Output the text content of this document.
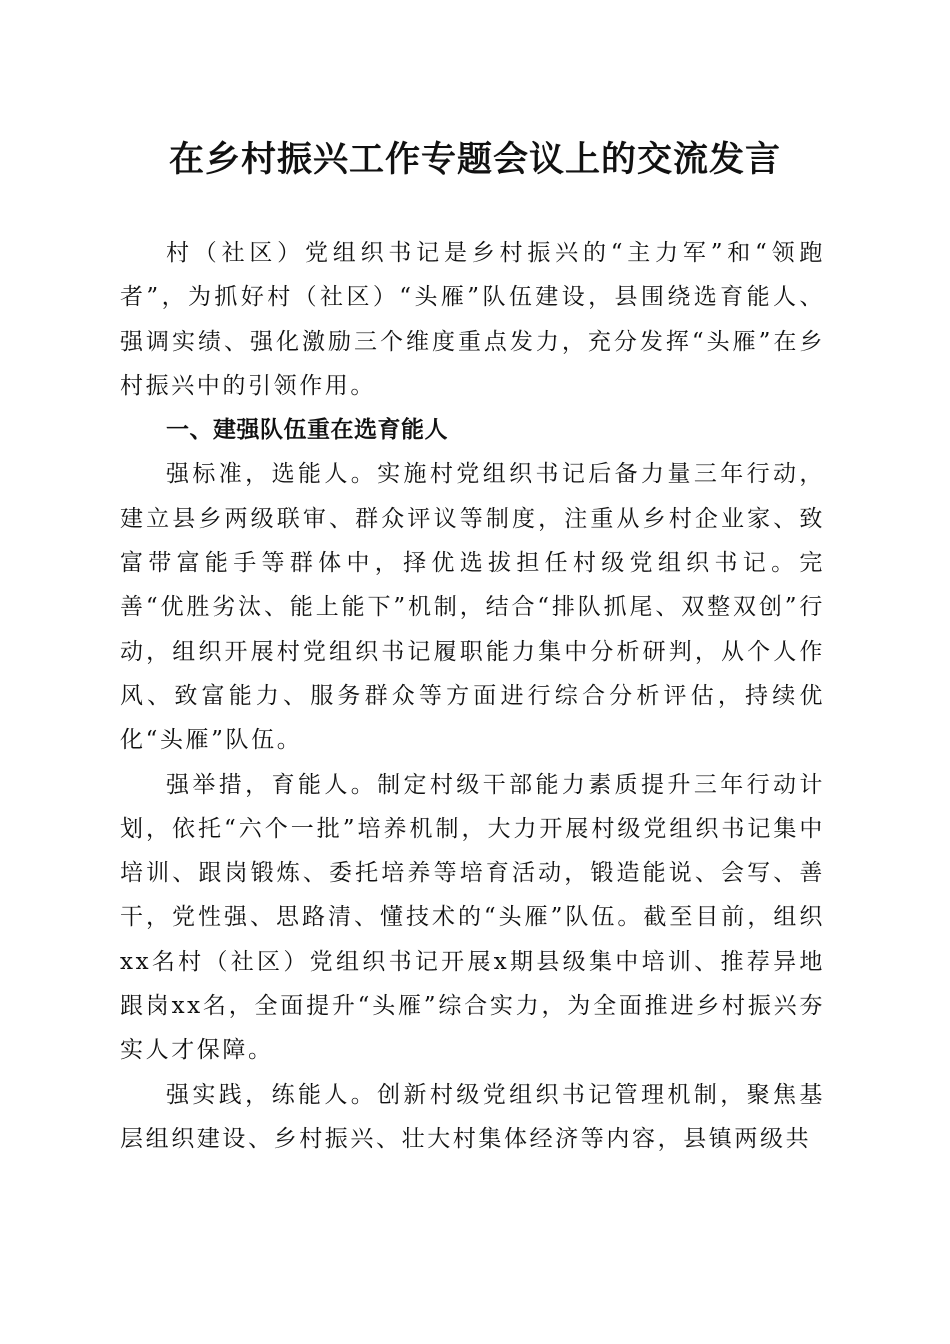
在乡村振兴工作专题会议上的交流发言

村（社区）党组织书记是乡村振兴的“主力军”和“领跑者”，为抓好村（社区）“头雁”队伍建设，县围绕选育能人、强调实绩、强化激励三个维度重点发力，充分发挥“头雁”在乡村振兴中的引领作用。

一、建强队伍重在选育能人

强标准，选能人。实施村党组织书记后备力量三年行动，建立县乡两级联审、群众评议等制度，注重从乡村企业家、致富带富能手等群体中，择优选拔担任村级党组织书记。完善“优胜劣汰、能上能下”机制，结合“排队抓尾、双整双创”行动，组织开展村党组织书记履职能力集中分析研判，从个人作风、致富能力、服务群众等方面进行综合分析评估，持续优化“头雁”队伍。

强举措，育能人。制定村级干部能力素质提升三年行动计划，依托“六个一批”培养机制，大力开展村级党组织书记集中培训、跟岗锻炼、委托培养等培育活动，锻造能说、会写、善干，党性强、思路清、懂技术的“头雁”队伍。截至目前，组织xx名村（社区）党组织书记开展x期县级集中培训、推荐异地跟岗xx名，全面提升“头雁”综合实力，为全面推进乡村振兴夯实人才保障。

强实践，练能人。创新村级党组织书记管理机制，聚焦基层组织建设、乡村振兴、壮大村集体经济等内容，县镇两级共
